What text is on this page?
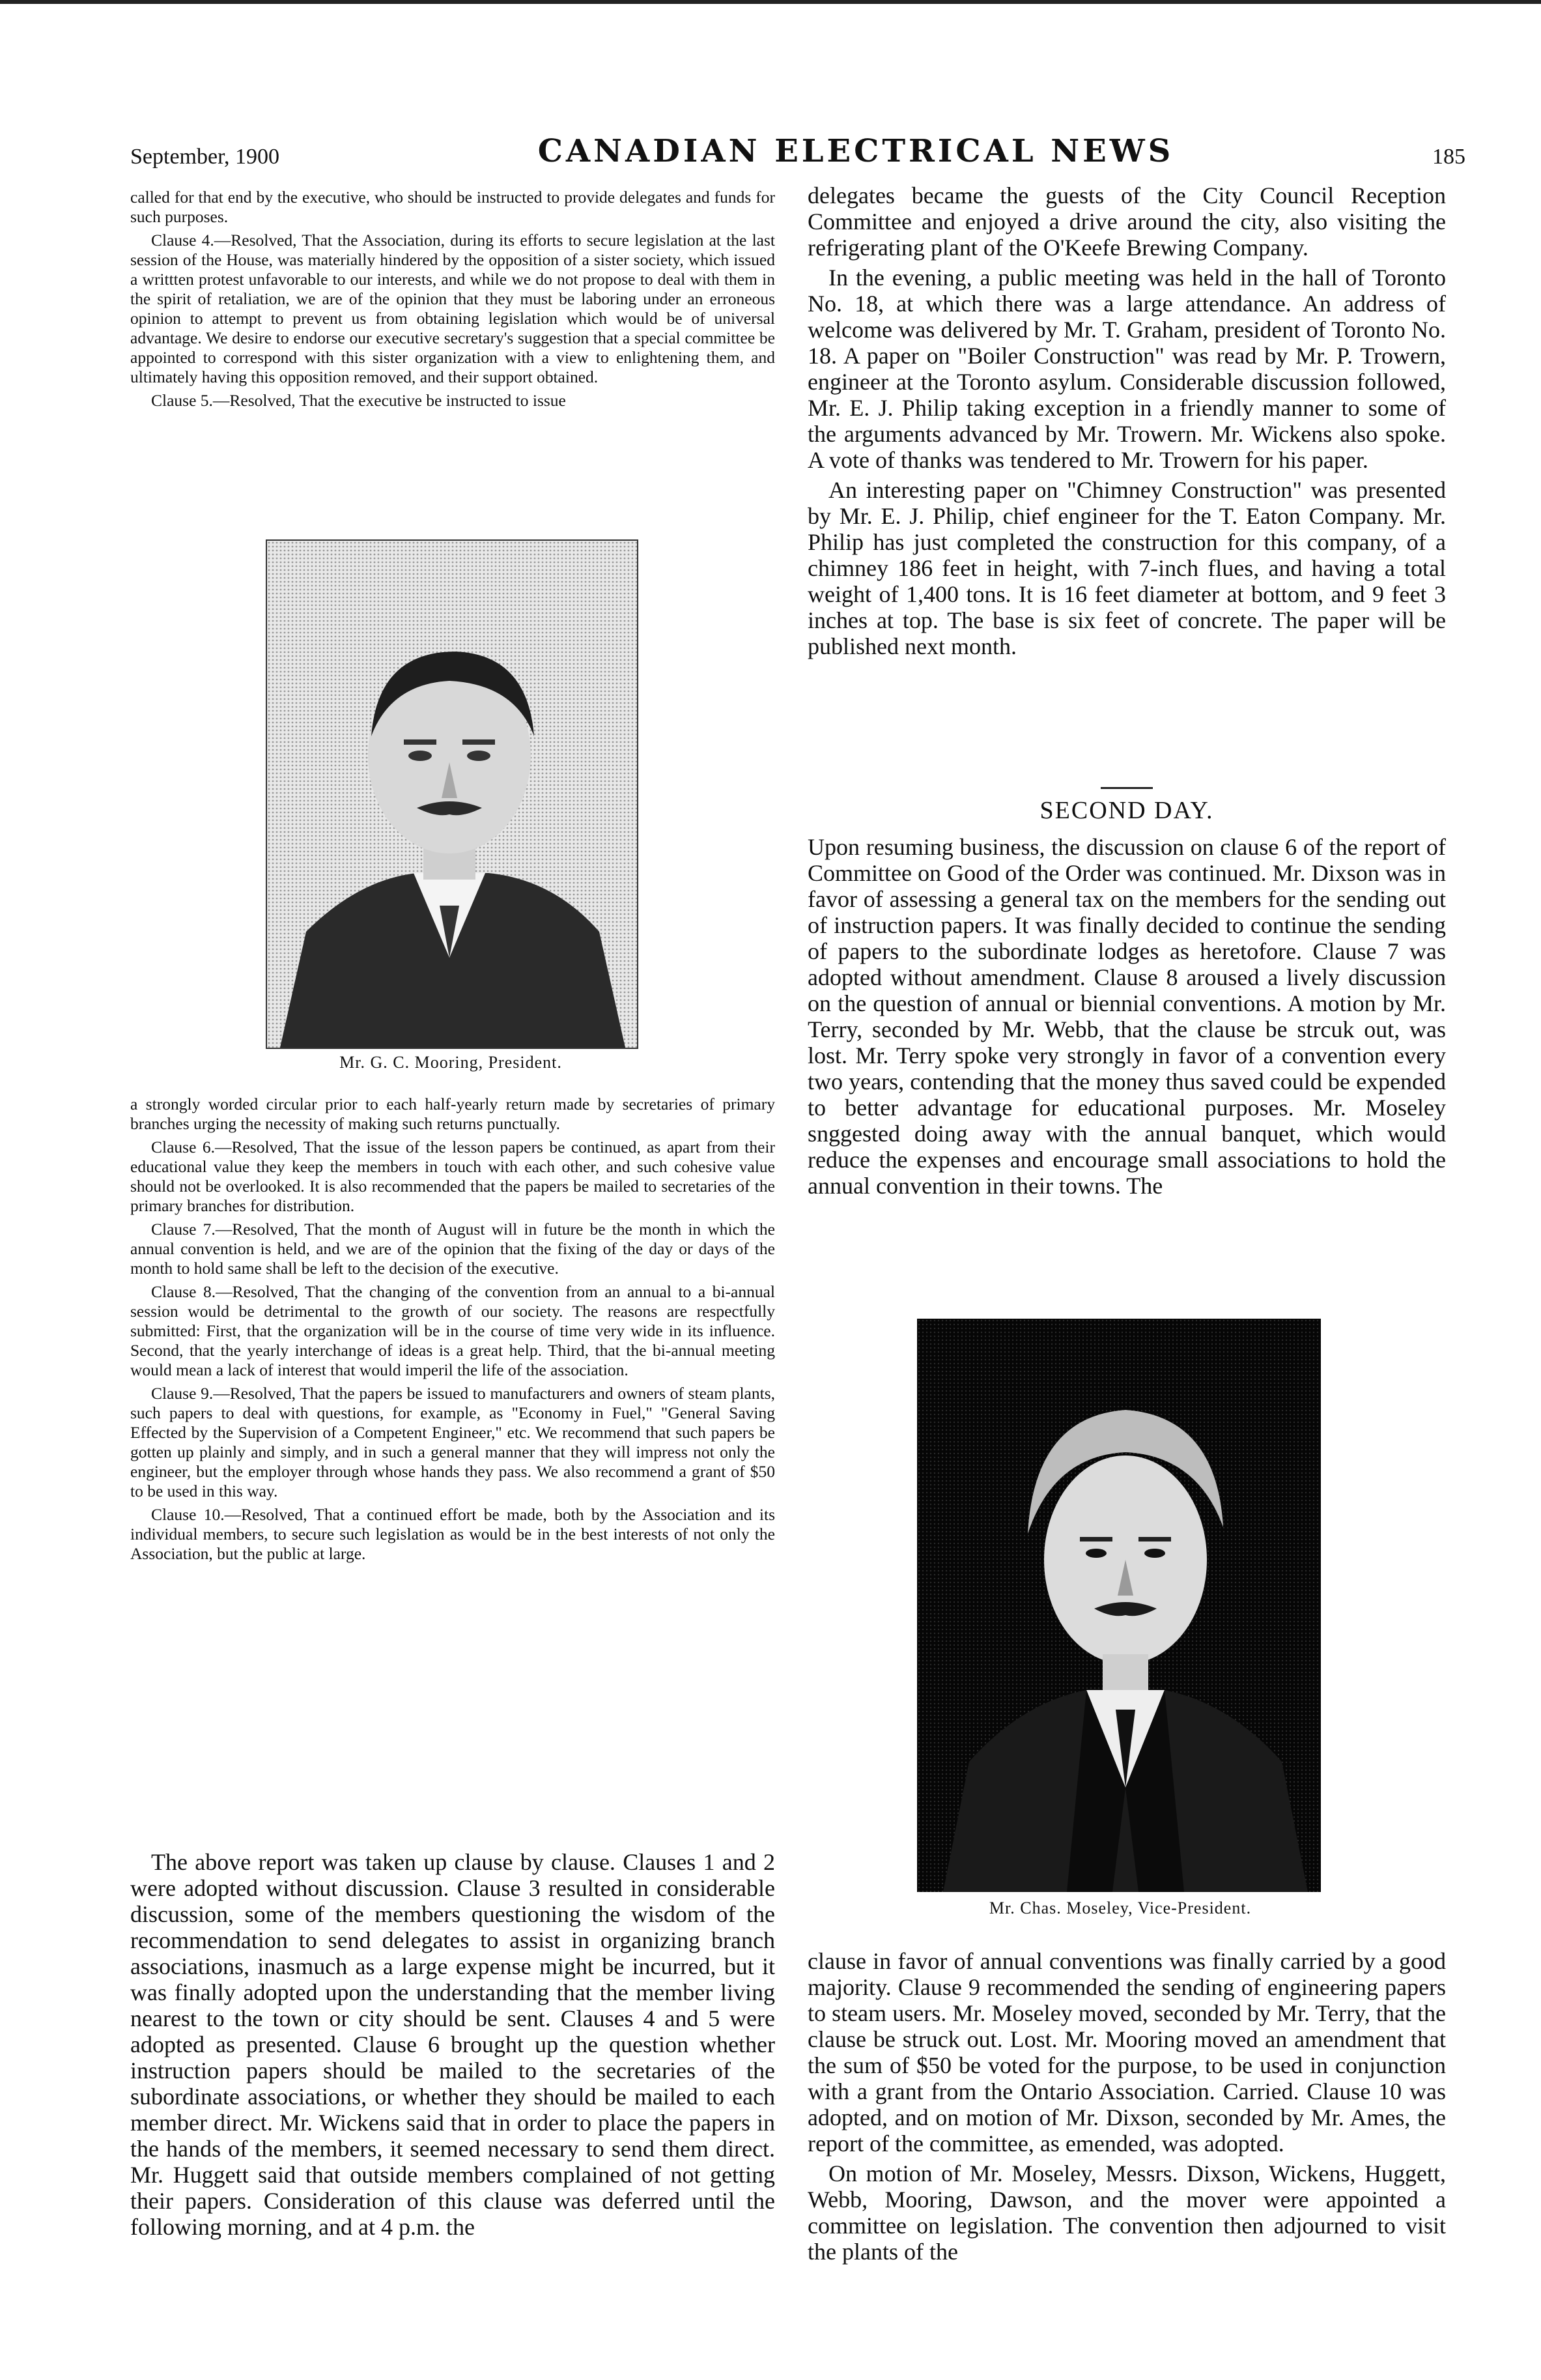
September, 1900	CANADIAN ELECTRICAL NEWS	185

called for that end by the executive, who should be instructed to provide delegates and funds for such purposes.

Clause 4.—Resolved, That the Association, during its efforts to secure legislation at the last session of the House, was materially hindered by the opposition of a sister society, which issued a writtten protest unfavorable to our interests, and while we do not propose to deal with them in the spirit of retaliation, we are of the opinion that they must be laboring under an erroneous opinion to attempt to prevent us from obtaining legislation which would be of universal advantage. We desire to endorse our executive secretary's suggestion that a special committee be appointed to correspond with this sister organization with a view to enlightening them, and ultimately having this opposition removed, and their support obtained.

Clause 5.—Resolved, That the executive be instructed to issue

Mr. G. C. Mooring, President.

a strongly worded circular prior to each half-yearly return made by secretaries of primary branches urging the necessity of making such returns punctually.

Clause 6.—Resolved, That the issue of the lesson papers be continued, as apart from their educational value they keep the members in touch with each other, and such cohesive value should not be overlooked. It is also recommended that the papers be mailed to secretaries of the primary branches for distribution.

Clause 7.—Resolved, That the month of August will in future be the month in which the annual convention is held, and we are of the opinion that the fixing of the day or days of the month to hold same shall be left to the decision of the executive.

Clause 8.—Resolved, That the changing of the convention from an annual to a bi-annual session would be detrimental to the growth of our society. The reasons are respectfully submitted: First, that the organization will be in the course of time very wide in its influence. Second, that the yearly interchange of ideas is a great help. Third, that the bi-annual meeting would mean a lack of interest that would imperil the life of the association.

Clause 9.—Resolved, That the papers be issued to manufacturers and owners of steam plants, such papers to deal with questions, for example, as "Economy in Fuel," "General Saving Effected by the Supervision of a Competent Engineer," etc. We recommend that such papers be gotten up plainly and simply, and in such a general manner that they will impress not only the engineer, but the employer through whose hands they pass. We also recommend a grant of $50 to be used in this way.

Clause 10.—Resolved, That a continued effort be made, both by the Association and its individual members, to secure such legislation as would be in the best interests of not only the Association, but the public at large.

The above report was taken up clause by clause. Clauses 1 and 2 were adopted without discussion. Clause 3 resulted in considerable discussion, some of the members questioning the wisdom of the recommendation to send delegates to assist in organizing branch associations, inasmuch as a large expense might be incurred, but it was finally adopted upon the understanding that the member living nearest to the town or city should be sent. Clauses 4 and 5 were adopted as presented. Clause 6 brought up the question whether instruction papers should be mailed to the secretaries of the subordinate associations, or whether they should be mailed to each member direct. Mr. Wickens said that in order to place the papers in the hands of the members, it seemed necessary to send them direct. Mr. Huggett said that outside members complained of not getting their papers. Consideration of this clause was deferred until the following morning, and at 4 p.m. the

delegates became the guests of the City Council Reception Committee and enjoyed a drive around the city, also visiting the refrigerating plant of the O'Keefe Brewing Company.

In the evening, a public meeting was held in the hall of Toronto No. 18, at which there was a large attendance. An address of welcome was delivered by Mr. T. Graham, president of Toronto No. 18. A paper on "Boiler Construction" was read by Mr. P. Trowern, engineer at the Toronto asylum. Considerable discussion followed, Mr. E. J. Philip taking exception in a friendly manner to some of the arguments advanced by Mr. Trowern. Mr. Wickens also spoke. A vote of thanks was tendered to Mr. Trowern for his paper.

An interesting paper on "Chimney Construction" was presented by Mr. E. J. Philip, chief engineer for the T. Eaton Company. Mr. Philip has just completed the construction for this company, of a chimney 186 feet in height, with 7-inch flues, and having a total weight of 1,400 tons. It is 16 feet diameter at bottom, and 9 feet 3 inches at top. The base is six feet of concrete. The paper will be published next month.

SECOND DAY.

Upon resuming business, the discussion on clause 6 of the report of Committee on Good of the Order was continued. Mr. Dixson was in favor of assessing a general tax on the members for the sending out of instruction papers. It was finally decided to continue the sending of papers to the subordinate lodges as heretofore. Clause 7 was adopted without amendment. Clause 8 aroused a lively discussion on the question of annual or biennial conventions. A motion by Mr. Terry, seconded by Mr. Webb, that the clause be strcuk out, was lost. Mr. Terry spoke very strongly in favor of a convention every two years, contending that the money thus saved could be expended to better advantage for educational purposes. Mr. Moseley snggested doing away with the annual banquet, which would reduce the expenses and encourage small associations to hold the annual convention in their towns. The

Mr. Chas. Moseley, Vice-President.

clause in favor of annual conventions was finally carried by a good majority. Clause 9 recommended the sending of engineering papers to steam users. Mr. Moseley moved, seconded by Mr. Terry, that the clause be struck out. Lost. Mr. Mooring moved an amendment that the sum of $50 be voted for the purpose, to be used in conjunction with a grant from the Ontario Association. Carried. Clause 10 was adopted, and on motion of Mr. Dixson, seconded by Mr. Ames, the report of the committee, as emended, was adopted.

On motion of Mr. Moseley, Messrs. Dixson, Wickens, Huggett, Webb, Mooring, Dawson, and the mover were appointed a committee on legislation. The convention then adjourned to visit the plants of the
